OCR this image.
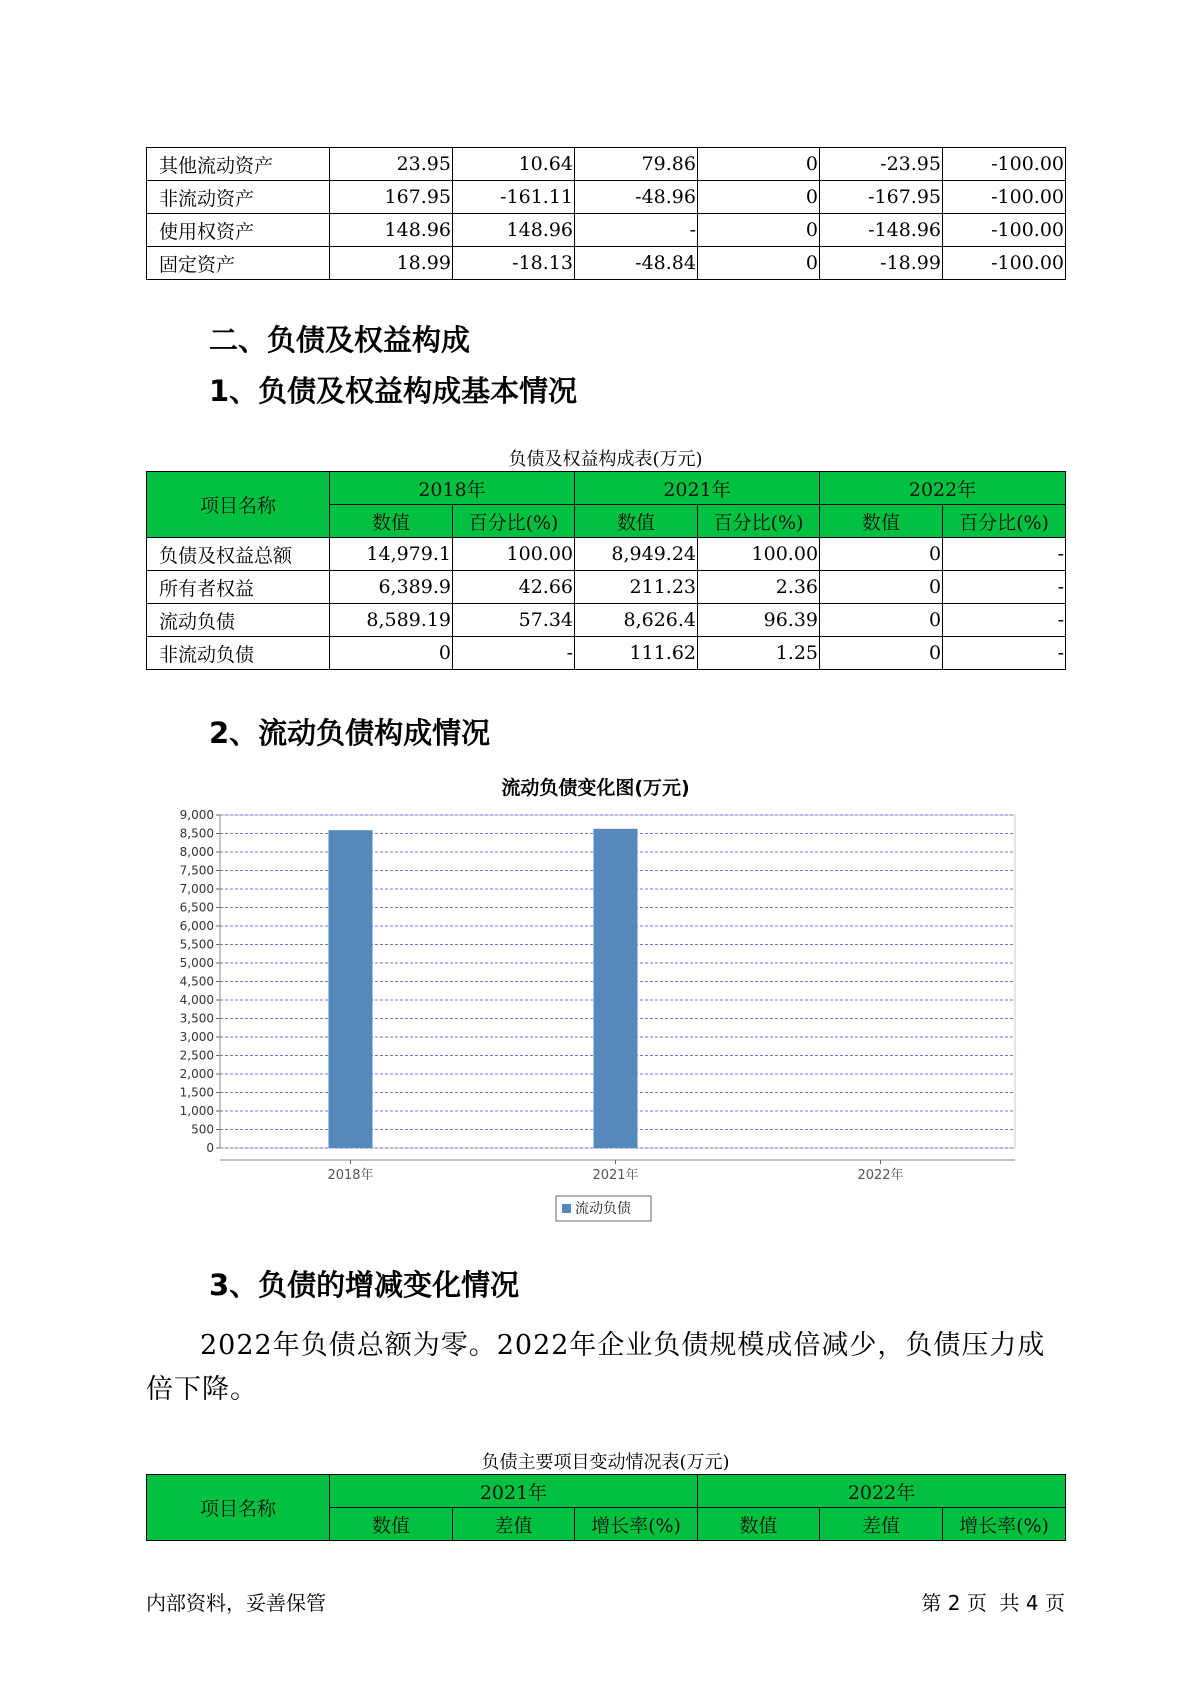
其他流动资产	23.95	10.64	79.86	0	-23.95	-100.00
非流动资产	167.95	-161.11	-48.96	0	-167.95	-100.00
使用权资产	148.96	148.96	-	0	-148.96	-100.00
固定资产	18.99	-18.13	-48.84	0	-18.99	-100.00
二、负债及权益构成
1、负债及权益构成基本情况
负债及权益构成表(万元)
项目名称	2018年		2021年		2022年	
	数值	百分比(%)	数值	百分比(%)	数值	百分比(%)
负债及权益总额	14,979.1	100.00	8,949.24	100.00	0	-
所有者权益	6,389.9	42.66	211.23	2.36	0	-
流动负债	8,589.19	57.34	8,626.4	96.39	0	-
非流动负债	0	-	111.62	1.25	0	-
2、流动负债构成情况
流动负债变化图(万元)
0
500
1,000
1,500
2,000
2,500
3,000
3,500
4,000
4,500
5,000
5,500
6,000
6,500
7,000
7,500
8,000
8,500
9,000
2018年	2021年	2022年
流动负债
3、负债的增减变化情况
2022年负债总额为零。2022年企业负债规模成倍减少，负债压力成倍下降。
负债主要项目变动情况表(万元)
项目名称	2021年			2022年		
	数值	差值	增长率(%)	数值	差值	增长率(%)
内部资料，妥善保管	第 2 页  共 4 页
